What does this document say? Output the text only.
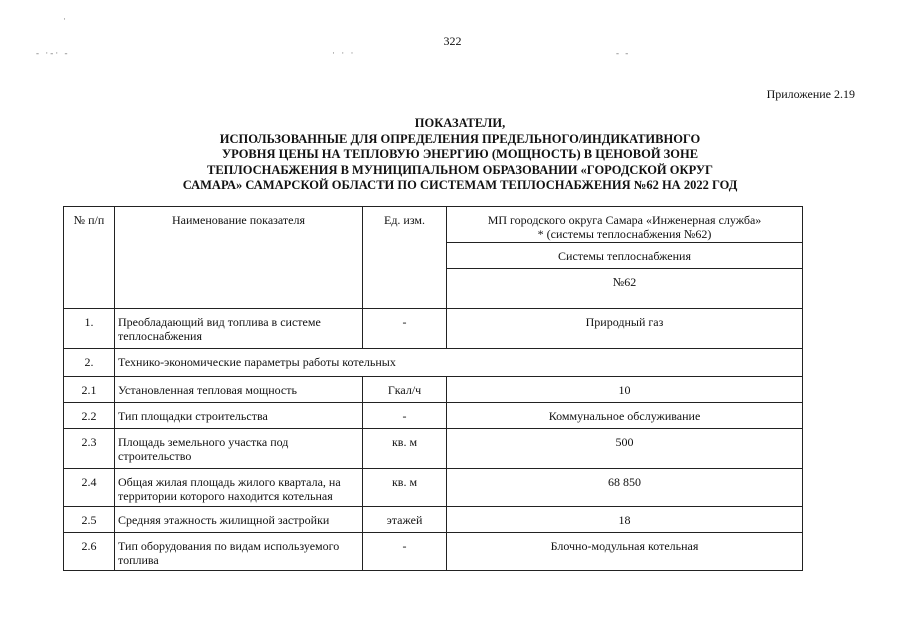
·
- ·-· -	· · ·	- -
322
Приложение 2.19
ПОКАЗАТЕЛИ,
ИСПОЛЬЗОВАННЫЕ ДЛЯ ОПРЕДЕЛЕНИЯ ПРЕДЕЛЬНОГО/ИНДИКАТИВНОГО
УРОВНЯ ЦЕНЫ НА ТЕПЛОВУЮ ЭНЕРГИЮ (МОЩНОСТЬ) В ЦЕНОВОЙ ЗОНЕ
ТЕПЛОСНАБЖЕНИЯ В МУНИЦИПАЛЬНОМ ОБРАЗОВАНИИ «ГОРОДСКОЙ ОКРУГ
САМАРА» САМАРСКОЙ ОБЛАСТИ ПО СИСТЕМАМ ТЕПЛОСНАБЖЕНИЯ №62 НА 2022 ГОД
№ п/п	Наименование показателя	Ед. изм.	МП городского округа Самара «Инженерная служба» * (системы теплоснабжения №62)
			Системы теплоснабжения
			№62
1.	Преобладающий вид топлива в системе теплоснабжения	-	Природный газ
2.	Технико-экономические параметры работы котельных		
2.1	Установленная тепловая мощность	Гкал/ч	10
2.2	Тип площадки строительства	-	Коммунальное обслуживание
2.3	Площадь земельного участка под строительство	кв. м	500
2.4	Общая жилая площадь жилого квартала, на территории которого находится котельная	кв. м	68 850
2.5	Средняя этажность жилищной застройки	этажей	18
2.6	Тип оборудования по видам используемого топлива	-	Блочно-модульная котельная
